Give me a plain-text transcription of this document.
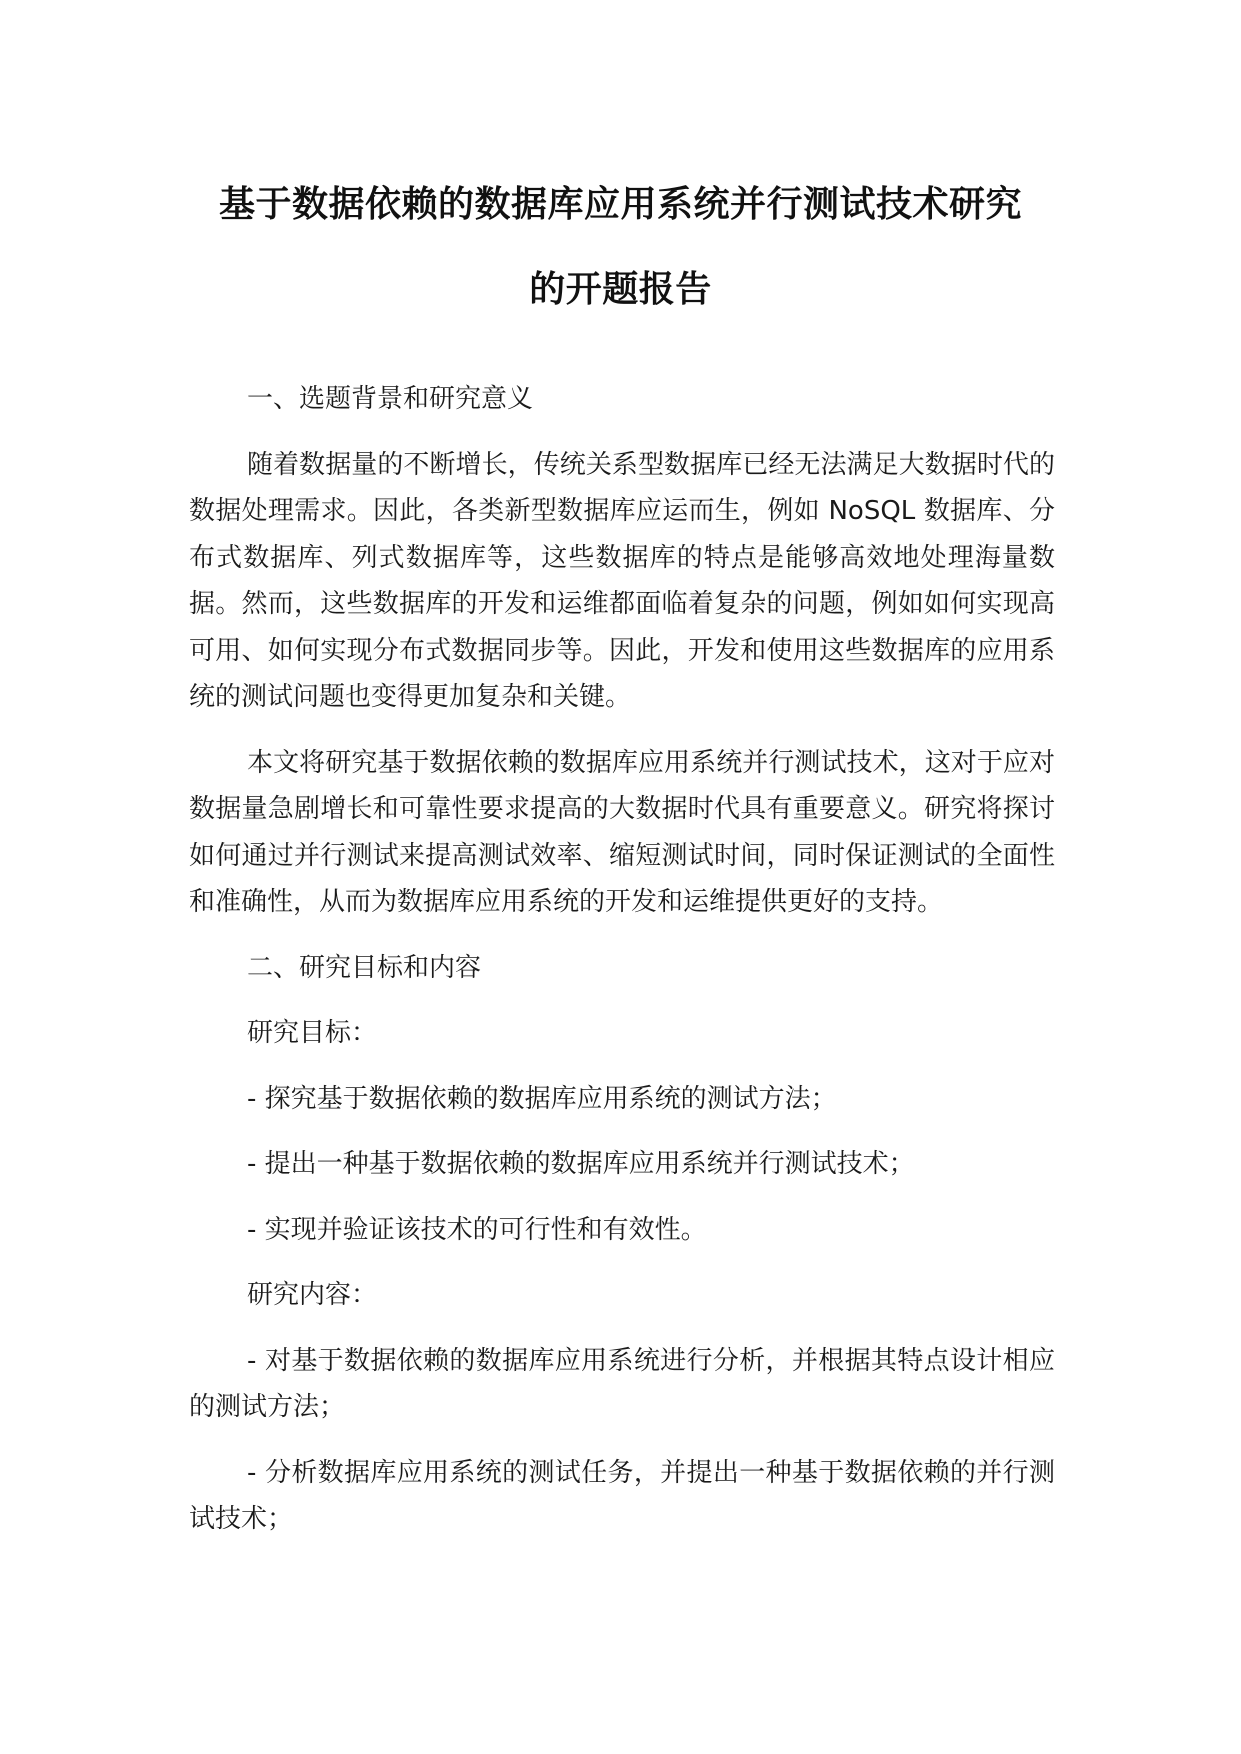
基于数据依赖的数据库应用系统并行测试技术研究
的开题报告

一、选题背景和研究意义

随着数据量的不断增长，传统关系型数据库已经无法满足大数据时代的数据处理需求。因此，各类新型数据库应运而生，例如 NoSQL 数据库、分布式数据库、列式数据库等，这些数据库的特点是能够高效地处理海量数据。然而，这些数据库的开发和运维都面临着复杂的问题，例如如何实现高可用、如何实现分布式数据同步等。因此，开发和使用这些数据库的应用系统的测试问题也变得更加复杂和关键。

本文将研究基于数据依赖的数据库应用系统并行测试技术，这对于应对数据量急剧增长和可靠性要求提高的大数据时代具有重要意义。研究将探讨如何通过并行测试来提高测试效率、缩短测试时间，同时保证测试的全面性和准确性，从而为数据库应用系统的开发和运维提供更好的支持。

二、研究目标和内容

研究目标：

- 探究基于数据依赖的数据库应用系统的测试方法；

- 提出一种基于数据依赖的数据库应用系统并行测试技术；

- 实现并验证该技术的可行性和有效性。

研究内容：

- 对基于数据依赖的数据库应用系统进行分析，并根据其特点设计相应的测试方法；

- 分析数据库应用系统的测试任务，并提出一种基于数据依赖的并行测试技术；
